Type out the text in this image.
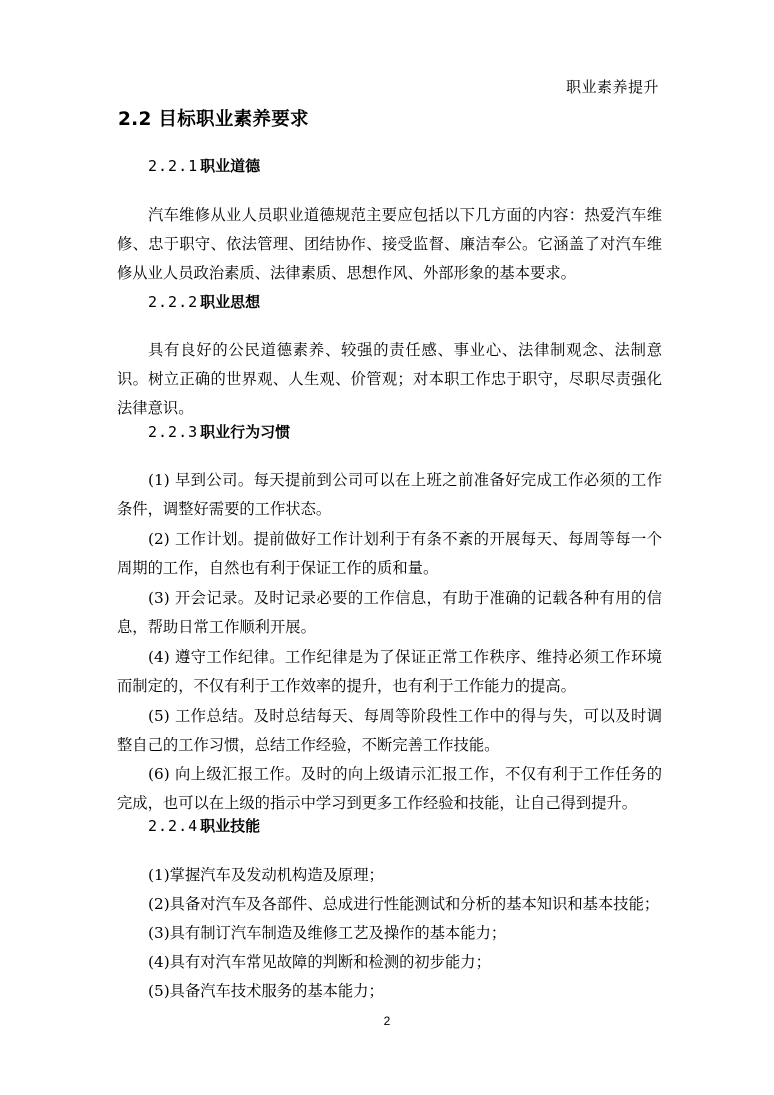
职业素养提升
2.2 目标职业素养要求
2.2.1 职业道德

汽车维修从业人员职业道德规范主要应包括以下几方面的内容：热爱汽车维修、忠于职守、依法管理、团结协作、接受监督、廉洁奉公。它涵盖了对汽车维修从业人员政治素质、法律素质、思想作风、外部形象的基本要求。

2.2.2 职业思想

具有良好的公民道德素养、较强的责任感、事业心、法律制观念、法制意识。树立正确的世界观、人生观、价管观；对本职工作忠于职守，尽职尽责强化法律意识。

2.2.3 职业行为习惯

(1) 早到公司。每天提前到公司可以在上班之前准备好完成工作必须的工作条件，调整好需要的工作状态。

(2) 工作计划。提前做好工作计划利于有条不紊的开展每天、每周等每一个周期的工作，自然也有利于保证工作的质和量。

(3) 开会记录。及时记录必要的工作信息，有助于准确的记载各种有用的信息，帮助日常工作顺利开展。

(4) 遵守工作纪律。工作纪律是为了保证正常工作秩序、维持必须工作环境而制定的，不仅有利于工作效率的提升，也有利于工作能力的提高。

(5) 工作总结。及时总结每天、每周等阶段性工作中的得与失，可以及时调整自己的工作习惯，总结工作经验，不断完善工作技能。

(6) 向上级汇报工作。及时的向上级请示汇报工作，不仅有利于工作任务的完成，也可以在上级的指示中学习到更多工作经验和技能，让自己得到提升。

2.2.4 职业技能

(1)掌握汽车及发动机构造及原理；

(2)具备对汽车及各部件、总成进行性能测试和分析的基本知识和基本技能；

(3)具有制订汽车制造及维修工艺及操作的基本能力；

(4)具有对汽车常见故障的判断和检测的初步能力；

(5)具备汽车技术服务的基本能力；

2
